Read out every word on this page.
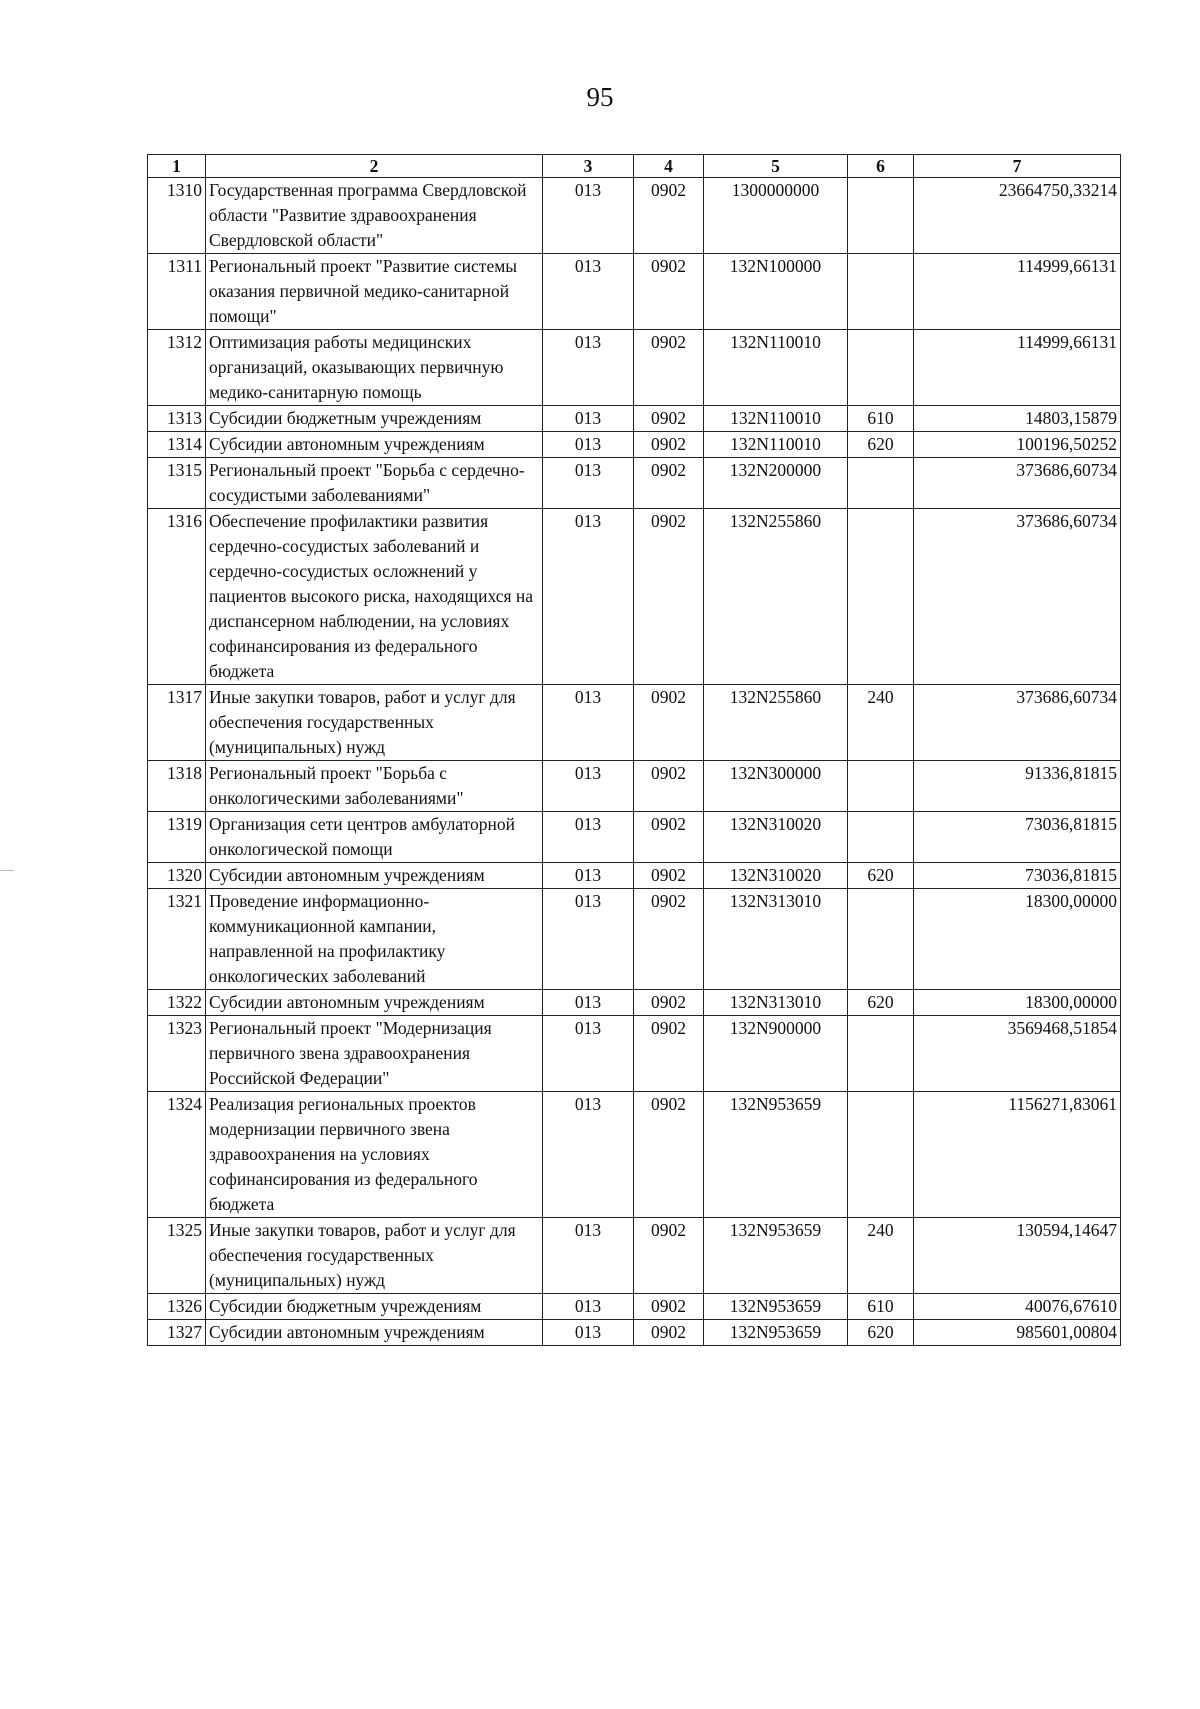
95
1	2	3	4	5	6	7
1310	Государственная программа Свердловской области "Развитие здравоохранения Свердловской области"	013	0902	1300000000		23664750,33214
1311	Региональный проект "Развитие системы оказания первичной медико-санитарной помощи"	013	0902	132N100000		114999,66131
1312	Оптимизация работы медицинских организаций, оказывающих первичную медико-санитарную помощь	013	0902	132N110010		114999,66131
1313	Субсидии бюджетным учреждениям	013	0902	132N110010	610	14803,15879
1314	Субсидии автономным учреждениям	013	0902	132N110010	620	100196,50252
1315	Региональный проект "Борьба с сердечно-сосудистыми заболеваниями"	013	0902	132N200000		373686,60734
1316	Обеспечение профилактики развития сердечно-сосудистых заболеваний и сердечно-сосудистых осложнений у пациентов высокого риска, находящихся на диспансерном наблюдении, на условиях софинансирования из федерального бюджета	013	0902	132N255860		373686,60734
1317	Иные закупки товаров, работ и услуг для обеспечения государственных (муниципальных) нужд	013	0902	132N255860	240	373686,60734
1318	Региональный проект "Борьба с онкологическими заболеваниями"	013	0902	132N300000		91336,81815
1319	Организация сети центров амбулаторной онкологической помощи	013	0902	132N310020		73036,81815
1320	Субсидии автономным учреждениям	013	0902	132N310020	620	73036,81815
1321	Проведение информационно-коммуникационной кампании, направленной на профилактику онкологических заболеваний	013	0902	132N313010		18300,00000
1322	Субсидии автономным учреждениям	013	0902	132N313010	620	18300,00000
1323	Региональный проект "Модернизация первичного звена здравоохранения Российской Федерации"	013	0902	132N900000		3569468,51854
1324	Реализация региональных проектов модернизации первичного звена здравоохранения на условиях софинансирования из федерального бюджета	013	0902	132N953659		1156271,83061
1325	Иные закупки товаров, работ и услуг для обеспечения государственных (муниципальных) нужд	013	0902	132N953659	240	130594,14647
1326	Субсидии бюджетным учреждениям	013	0902	132N953659	610	40076,67610
1327	Субсидии автономным учреждениям	013	0902	132N953659	620	985601,00804
